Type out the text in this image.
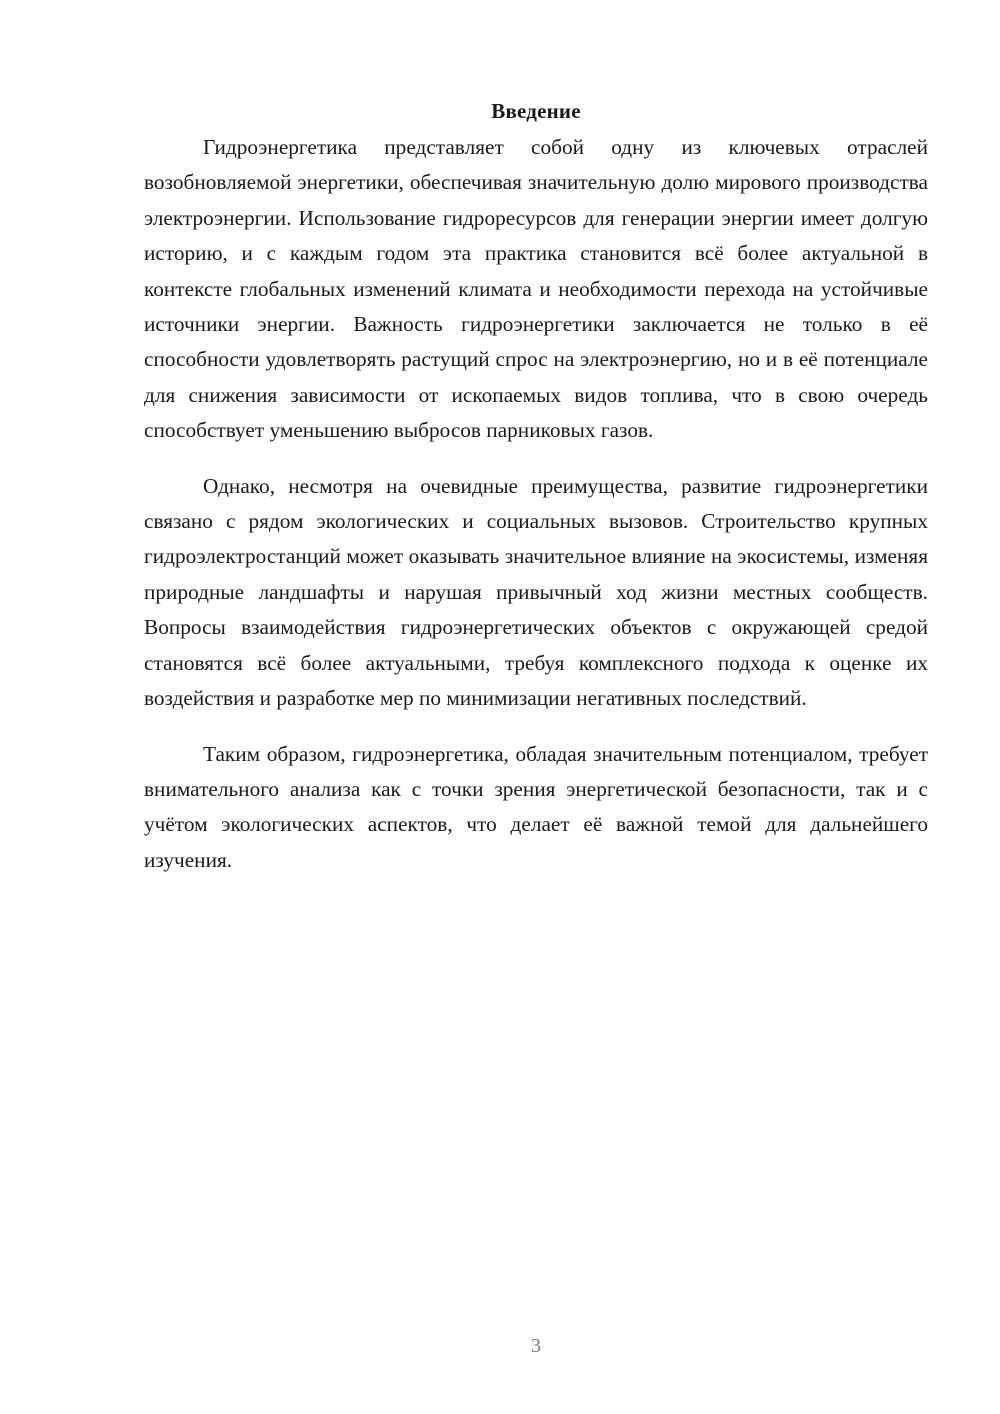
Введение

Гидроэнергетика представляет собой одну из ключевых отраслей возобновляемой энергетики, обеспечивая значительную долю мирового производства электроэнергии. Использование гидроресурсов для генерации энергии имеет долгую историю, и с каждым годом эта практика становится всё более актуальной в контексте глобальных изменений климата и необходимости перехода на устойчивые источники энергии. Важность гидроэнергетики заключается не только в её способности удовлетворять растущий спрос на электроэнергию, но и в её потенциале для снижения зависимости от ископаемых видов топлива, что в свою очередь способствует уменьшению выбросов парниковых газов.

Однако, несмотря на очевидные преимущества, развитие гидроэнергетики связано с рядом экологических и социальных вызовов. Строительство крупных гидроэлектростанций может оказывать значительное влияние на экосистемы, изменяя природные ландшафты и нарушая привычный ход жизни местных сообществ. Вопросы взаимодействия гидроэнергетических объектов с окружающей средой становятся всё более актуальными, требуя комплексного подхода к оценке их воздействия и разработке мер по минимизации негативных последствий.

Таким образом, гидроэнергетика, обладая значительным потенциалом, требует внимательного анализа как с точки зрения энергетической безопасности, так и с учётом экологических аспектов, что делает её важной темой для дальнейшего изучения.

3
